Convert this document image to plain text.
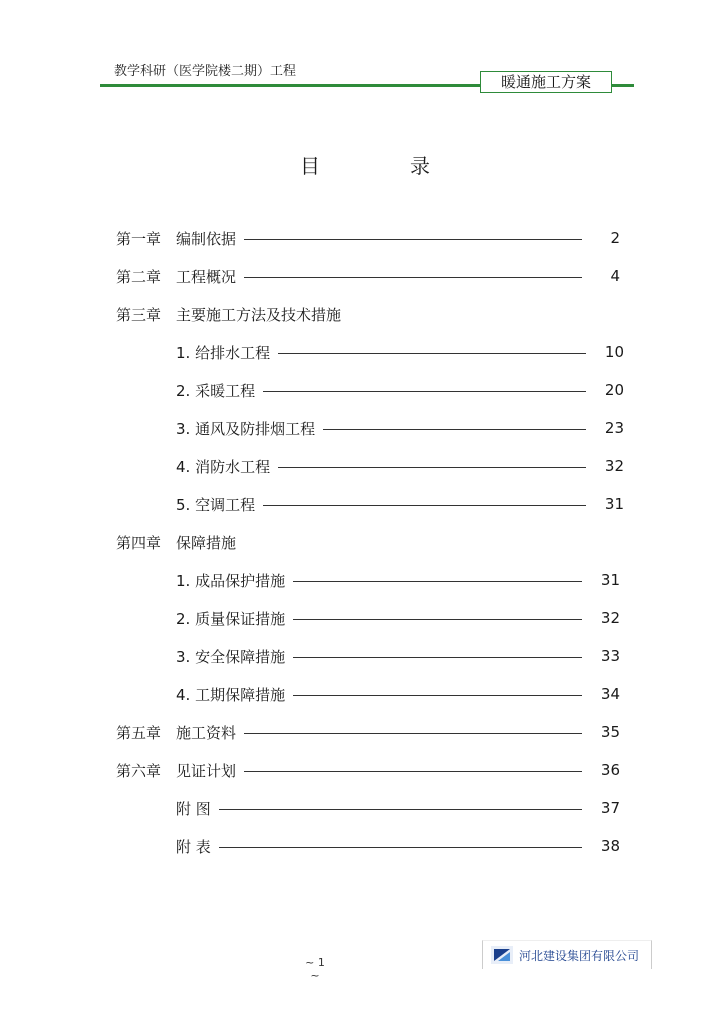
教学科研（医学院楼二期）工程
暖通施工方案
目	录
第一章 编制依据	2
第二章 工程概况	4
第三章 主要施工方法及技术措施
1. 给排水工程	10
2. 采暖工程	20
3. 通风及防排烟工程	23
4. 消防水工程	32
5. 空调工程	31
第四章 保障措施
1. 成品保护措施	31
2. 质量保证措施	32
3. 安全保障措施	33
4. 工期保障措施	34
第五章 施工资料	35
第六章 见证计划	36
附 图	37
附 表	38
~ 1 ~
河北建设集团有限公司
